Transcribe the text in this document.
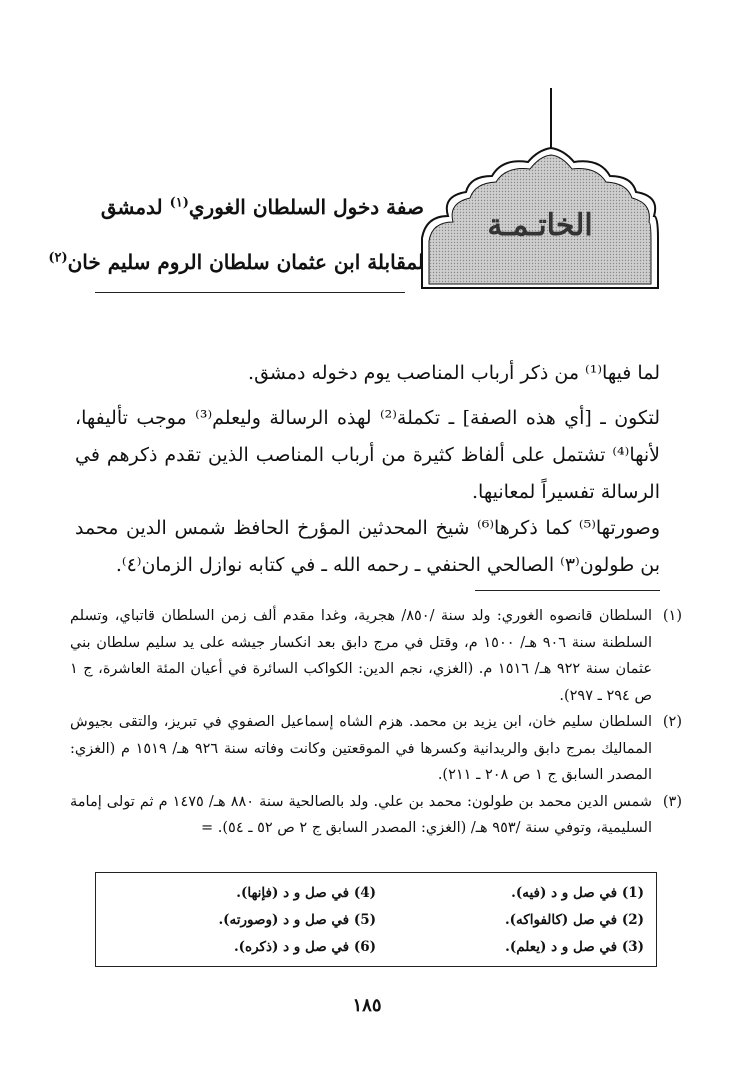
الخاتـمـة
صفة دخول السلطان الغوري$^{(١)}$ لدمشق
لمقابلة ابن عثمان سلطان الروم سليم خان$^{(٢)}$
لما فيها⁽¹⁾ من ذكر أرباب المناصب يوم دخوله دمشق.
لتكون ـ [أي هذه الصفة] ـ تكملة⁽²⁾ لهذه الرسالة وليعلم⁽³⁾ موجب تأليفها، لأنها⁽⁴⁾ تشتمل على ألفاظ كثيرة من أرباب المناصب الذين تقدم ذكرهم في الرسالة تفسيراً لمعانيها.
وصورتها⁽⁵⁾ كما ذكرها⁽⁶⁾ شيخ المحدثين المؤرخ الحافظ شمس الدين محمد بن طولون⁽٣⁾ الصالحي الحنفي ـ رحمه الله ـ في كتابه نوازل الزمان⁽٤⁾.
(١)
السلطان قانصوه الغوري: ولد سنة /٨٥٠/ هجرية، وغدا مقدم ألف زمن السلطان قاتباي، وتسلم السلطنة سنة ٩٠٦ هـ/ ١٥٠٠ م، وقتل في مرج دابق بعد انكسار جيشه على يد سليم سلطان بني عثمان سنة ٩٢٢ هـ/ ١٥١٦ م. (الغزي، نجم الدين: الكواكب السائرة في أعيان المئة العاشرة، ج ١ ص ٢٩٤ ـ ٢٩٧).
(٢)
السلطان سليم خان، ابن يزيد بن محمد. هزم الشاه إسماعيل الصفوي في تبريز، والتقى بجيوش المماليك بمرج دابق والريدانية وكسرها في الموقعتين وكانت وفاته سنة ٩٢٦ هـ/ ١٥١٩ م (الغزي: المصدر السابق ج ١ ص ٢٠٨ ـ ٢١١).
(٣)
شمس الدين محمد بن طولون: محمد بن علي. ولد بالصالحية سنة ٨٨٠ هـ/ ١٤٧٥ م ثم تولى إمامة السليمية، وتوفي سنة /٩٥٣ هـ/ (الغزي: المصدر السابق ج ٢ ص ٥٢ ـ ٥٤). =
(1)

في صل و د (فيه).
(2)

في صل (كالفواكه).
(3)

في صل و د (يعلم).
(4)

في صل و د (فإنها).
(5)

في صل و د (وصورته).
(6)

في صل و د (ذكره).
١٨٥
